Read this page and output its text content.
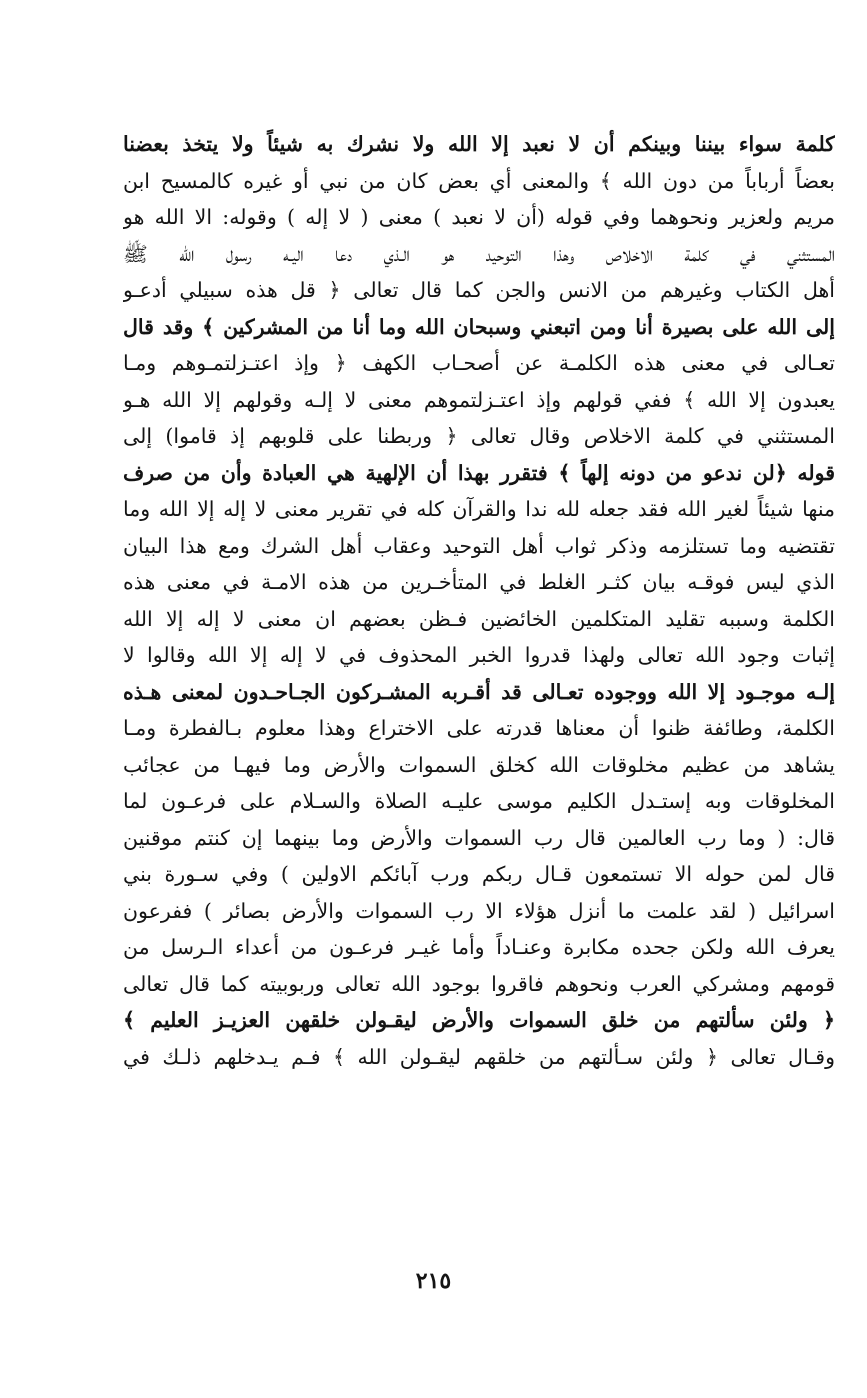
كلمة سواء بيننا وبينكم أن لا نعبد إلا الله ولا نشرك به شيئاً ولا يتخذ بعضنا
بعضاً أرباباً من دون الله ﴾ والمعنى أي بعض كان من نبي أو غيره كالمسيح ابن
مريم ولعزير ونحوهما وفي قوله (أن لا نعبد ) معنى ( لا إله ) وقوله: الا الله هو
المستثني في كلمة الاخلاص وهذا التوحيد هو الـذي دعا اليـه رسول الله ﷺ
أهل الكتاب وغيرهم من الانس والجن كما قال تعالى ﴿ قل هذه سبيلي أدعـو
إلى الله على بصيرة أنا ومن اتبعني وسبحان الله وما أنا من المشركين ﴾ وقد قال
تعـالى في معنى هذه الكلمـة عن أصحـاب الكهف ﴿ وإذ اعتـزلتمـوهم ومـا
يعبدون إلا الله ﴾ ففي قولهم وإذ اعتـزلتموهم معنى لا إلـه وقولهم إلا الله هـو
المستثني في كلمة الاخلاص وقال تعالى ﴿ وربطنا على قلوبهم إذ قاموا) إلى
قوله ﴿لن ندعو من دونه إلهاً ﴾ فتقرر بهذا أن الإلهية هي العبادة وأن من صرف
منها شيئاً لغير الله فقد جعله لله ندا والقرآن كله في تقرير معنى لا إله إلا الله وما
تقتضيه وما تستلزمه وذكر ثواب أهل التوحيد وعقاب أهل الشرك ومع هذا البيان
الذي ليس فوقـه بيان كثـر الغلط في المتأخـرين من هذه الامـة في معنى هذه
الكلمة وسببه تقليد المتكلمين الخائضين فـظن بعضهم ان معنى لا إله إلا الله
إثبات وجود الله تعالى ولهذا قدروا الخبر المحذوف في لا إله إلا الله وقالوا لا
إلـه موجـود إلا الله ووجوده تعـالى قد أقـربه المشـركون الجـاحـدون لمعنى هـذه
الكلمة، وطائفة ظنوا أن معناها قدرته على الاختراع وهذا معلوم بـالفطرة ومـا
يشاهد من عظيم مخلوقات الله كخلق السموات والأرض وما فيهـا من عجائب
المخلوقات وبه إستـدل الكليم موسى عليـه الصلاة والسـلام على فرعـون لما
قال: ( وما رب العالمين قال رب السموات والأرض وما بينهما إن كنتم موقنين
قال لمن حوله الا تستمعون قـال ربكم ورب آبائكم الاولين ) وفي سـورة بني
اسرائيل ( لقد علمت ما أنزل هؤلاء الا رب السموات والأرض بصائر ) ففرعون
يعرف الله ولكن جحده مكابرة وعنـاداً وأما غيـر فرعـون من أعداء الـرسل من
قومهم ومشركي العرب ونحوهم فاقروا بوجود الله تعالى وربوبيته كما قال تعالى
﴿ ولئن سألتهم من خلق السموات والأرض ليقـولن خلقهن العزيـز العليم ﴾
وقـال تعالى ﴿ ولئن سـألتهم من خلقهم ليقـولن الله ﴾ فـم يـدخلهم ذلـك في
٢١٥
